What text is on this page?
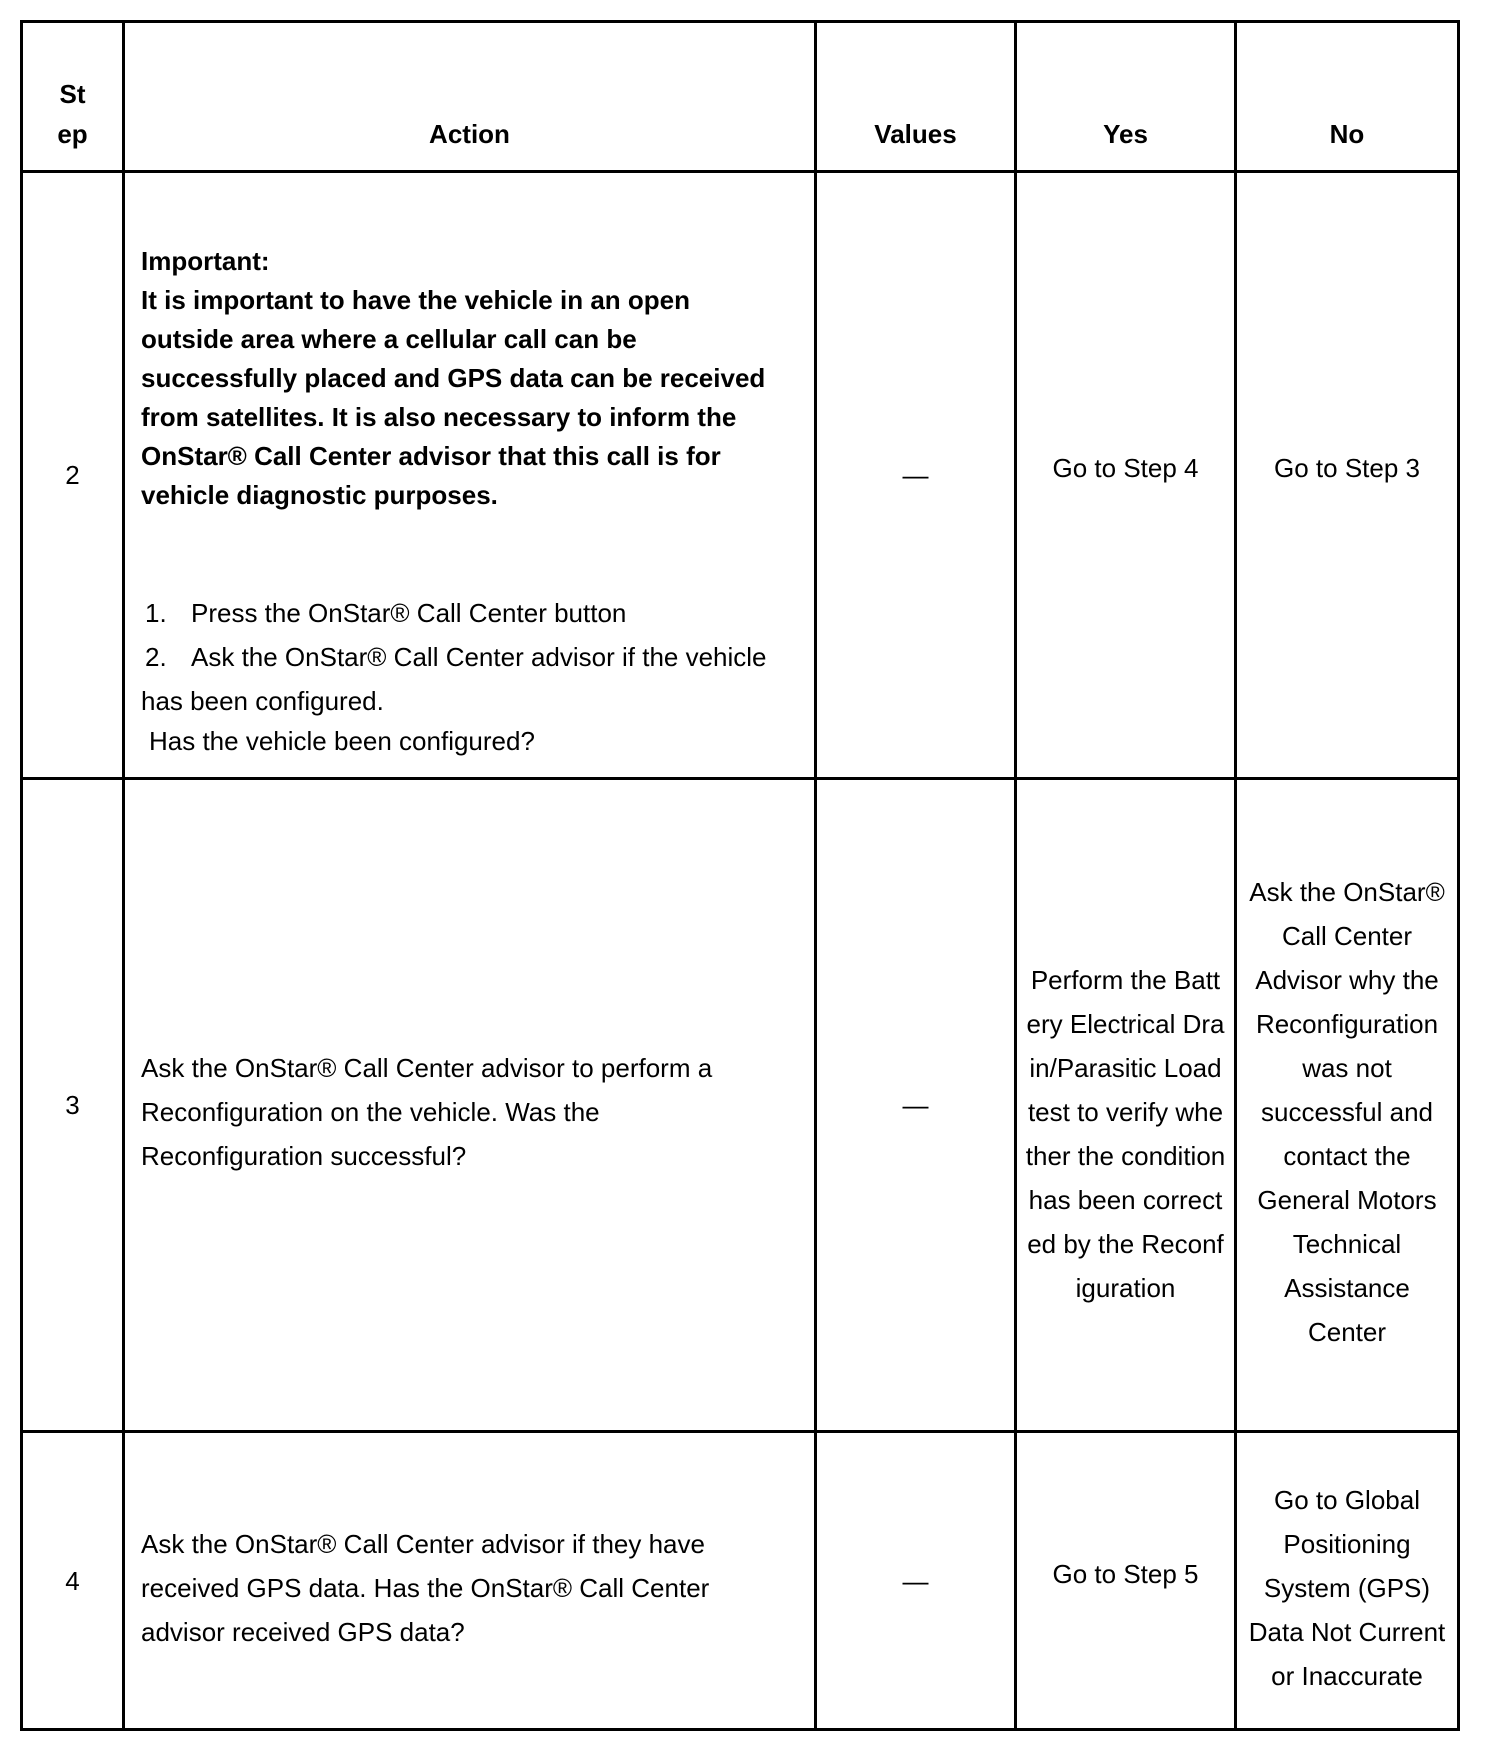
St ep	Action	Values	Yes	No
2	Important:
It is important to have the vehicle in an open outside area where a cellular call can be successfully placed and GPS data can be received from satellites. It is also necessary to inform the OnStar® Call Center advisor that this call is for vehicle diagnostic purposes.
1. Press the OnStar® Call Center button
2. Ask the OnStar® Call Center advisor if the vehicle has been configured.
Has the vehicle been configured?	—	Go to Step 4	Go to Step 3
3	Ask the OnStar® Call Center advisor to perform a Reconfiguration on the vehicle. Was the Reconfiguration successful?	—	Perform the Battery Electrical Drain/Parasitic Load test to verify whether the condition has been corrected by the Reconfiguration	Ask the OnStar® Call Center Advisor why the Reconfiguration was not successful and contact the General Motors Technical Assistance Center
4	Ask the OnStar® Call Center advisor if they have received GPS data. Has the OnStar® Call Center advisor received GPS data?	—	Go to Step 5	Go to Global Positioning System (GPS) Data Not Current or Inaccurate
